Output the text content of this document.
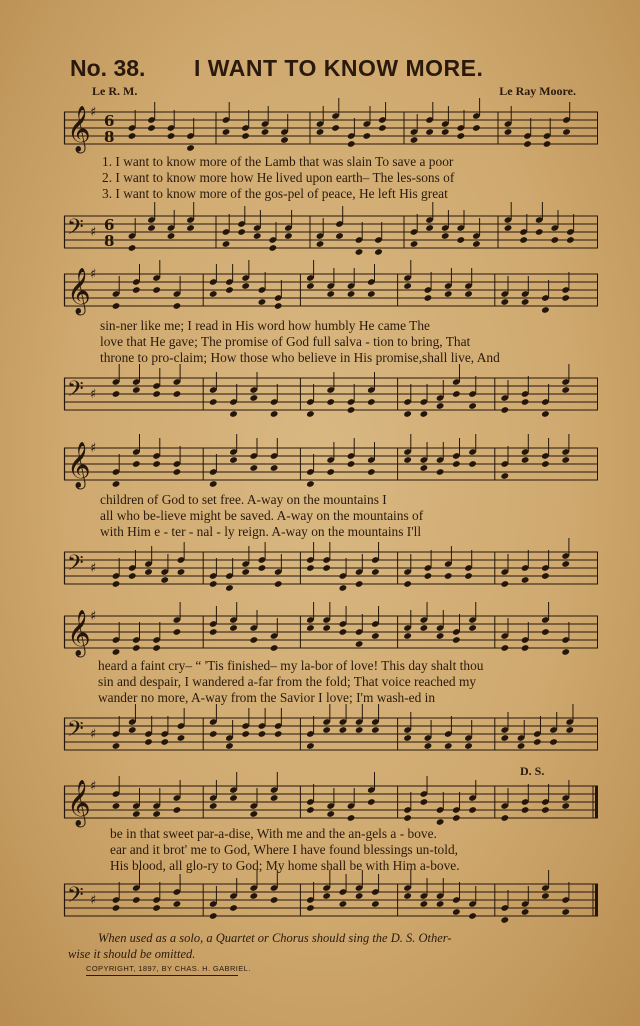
No. 38. I WANT TO KNOW MORE.
Le R. M.	Le Ray Moore.
𝄞 ♯ 6
8
1. I want to know more of the Lamb that was slain To save a poor
2. I want to know more how He lived upon earth– The les-sons of
3. I want to know more of the gos-pel of peace, He left His great
𝄢 ♯ 6
8
𝄞 ♯
sin-ner like me; I read in His word how humbly He came The
love that He gave; The promise of God full salva - tion to bring, That
throne to pro-claim; How those who believe in His promise,shall live, And
𝄢 ♯
𝄞 ♯
children of God to set free. A-way on the mountains I
all who be-lieve might be saved. A-way on the mountains of
with Him e - ter - nal - ly reign. A-way on the mountains I'll
𝄢 ♯
𝄞 ♯
heard a faint cry– “ 'Tis finished– my la-bor of love! This day shalt thou
sin and despair, I wandered a-far from the fold; That voice reached my
wander no more, A-way from the Savior I love; I'm wash-ed in
𝄢 ♯
D. S.
𝄞 ♯
be in that sweet par-a-dise, With me and the an-gels a - bove.
ear and it brot' me to God, Where I have found blessings un-told,
His blood, all glo-ry to God; My home shall be with Him a-bove.
𝄢 ♯
When used as a solo, a Quartet or Chorus should sing the D. S. Other-
wise it should be omitted.
COPYRIGHT, 1897, BY CHAS. H. GABRIEL.
